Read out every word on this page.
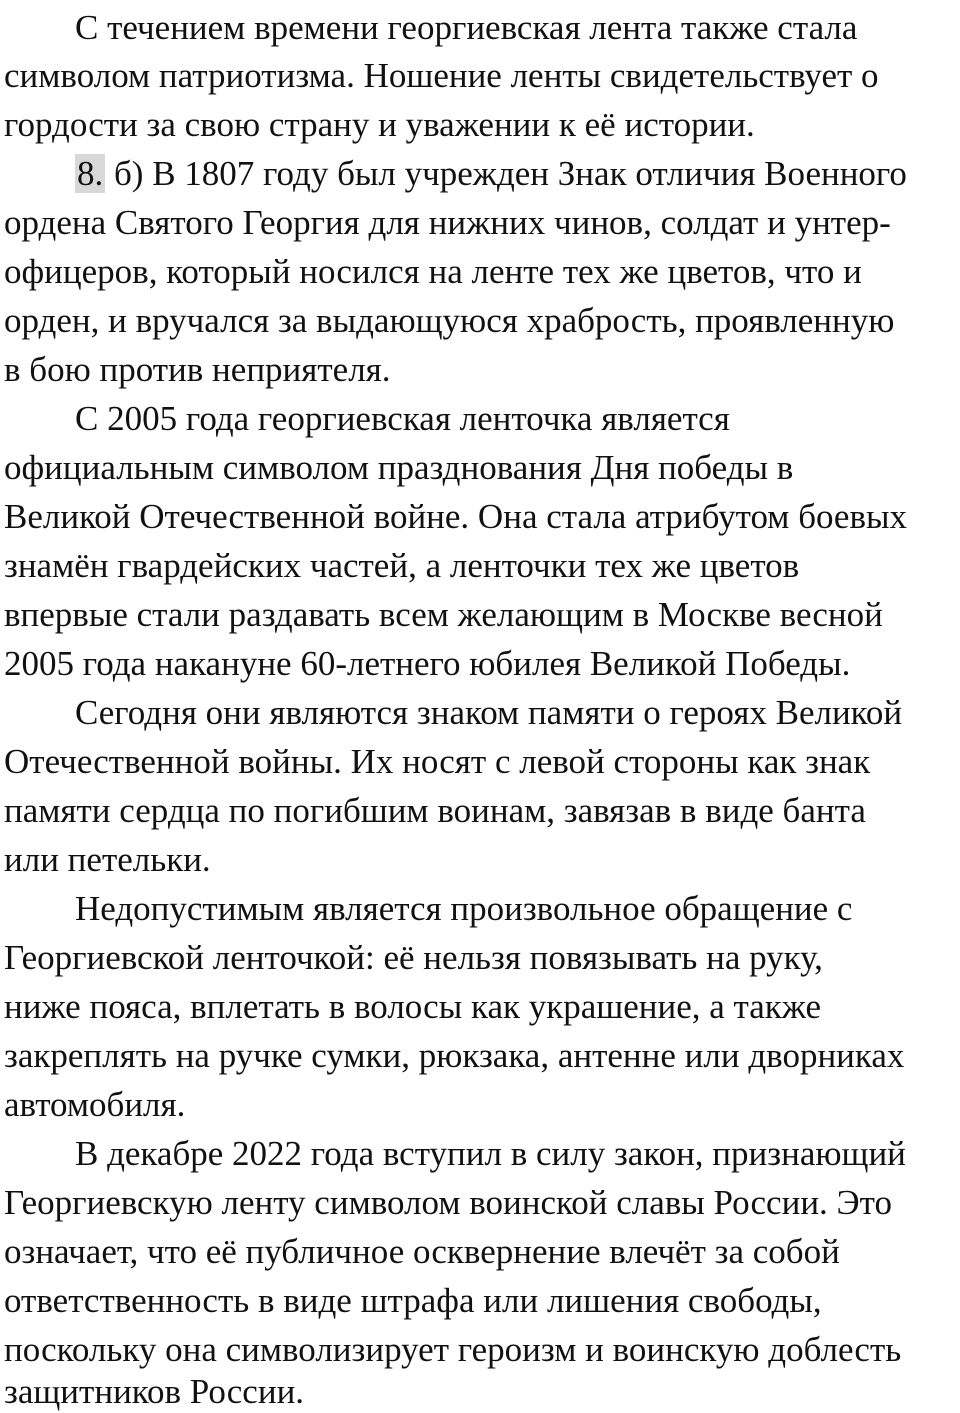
С течением времени георгиевская лента также стала
символом патриотизма. Ношение ленты свидетельствует о
гордости за свою страну и уважении к её истории.
8. б) В 1807 году был учрежден Знак отличия Военного
ордена Святого Георгия для нижних чинов, солдат и унтер-
офицеров, который носился на ленте тех же цветов, что и
орден, и вручался за выдающуюся храбрость, проявленную
в бою против неприятеля.
С 2005 года георгиевская ленточка является
официальным символом празднования Дня победы в
Великой Отечественной войне. Она стала атрибутом боевых
знамён гвардейских частей, а ленточки тех же цветов
впервые стали раздавать всем желающим в Москве весной
2005 года накануне 60-летнего юбилея Великой Победы.
Сегодня они являются знаком памяти о героях Великой
Отечественной войны. Их носят с левой стороны как знак
памяти сердца по погибшим воинам, завязав в виде банта
или петельки.
Недопустимым является произвольное обращение с
Георгиевской ленточкой: её нельзя повязывать на руку,
ниже пояса, вплетать в волосы как украшение, а также
закреплять на ручке сумки, рюкзака, антенне или дворниках
автомобиля.
В декабре 2022 года вступил в силу закон, признающий
Георгиевскую ленту символом воинской славы России. Это
означает, что её публичное осквернение влечёт за собой
ответственность в виде штрафа или лишения свободы,
поскольку она символизирует героизм и воинскую доблесть
защитников России.
